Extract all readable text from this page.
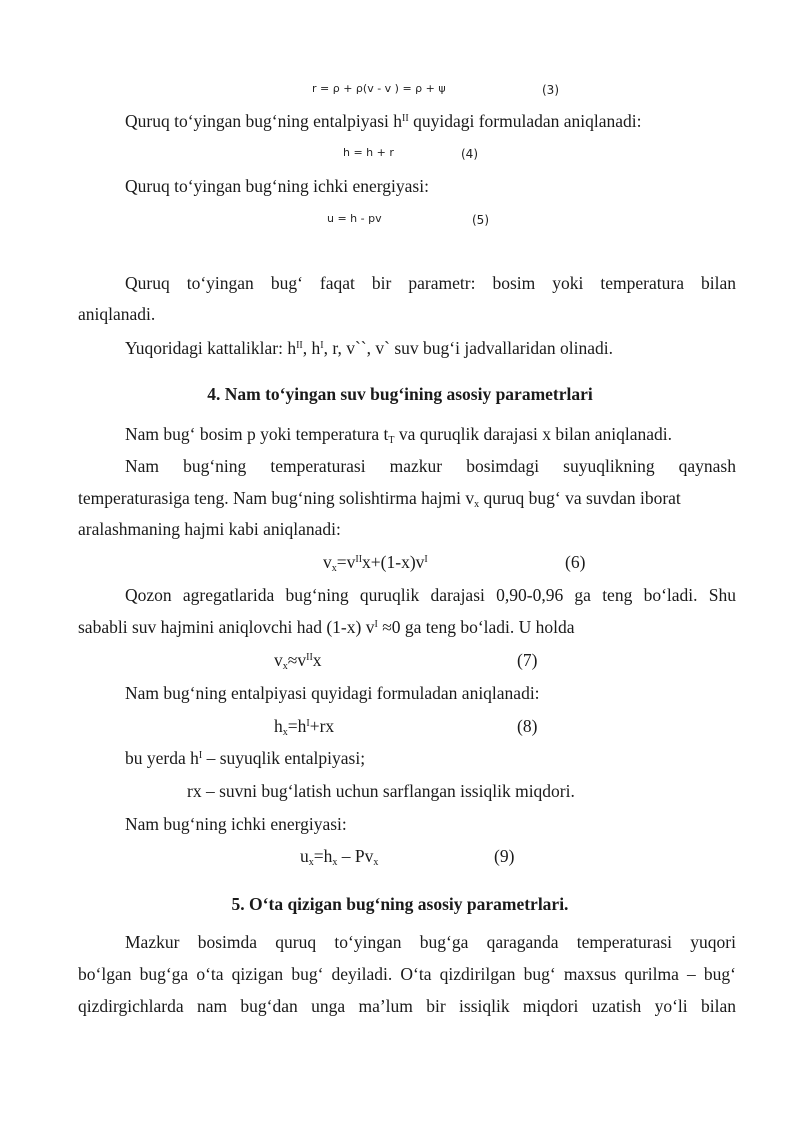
r = ρ + ρ(v - v ) = ρ + ψ	(3)
Quruq to‘yingan bug‘ning entalpiyasi $h^{II}$ quyidagi formuladan aniqlanadi:
h = h + r	(4)
Quruq to‘yingan bug‘ning ichki energiyasi:
u = h - pv	(5)
Quruq to‘yingan bug‘ faqat bir parametr: bosim yoki temperatura bilan
aniqlanadi.
Yuqoridagi kattaliklar: $h^{II}$, $h^I$, r, v``, v` suv bug‘i jadvallaridan olinadi.
4. Nam to‘yingan suv bug‘ining asosiy parametrlari
Nam bug‘ bosim p yoki temperatura $t_T$ va quruqlik darajasi x bilan aniqlanadi.
Nam bug‘ning temperaturasi mazkur bosimdagi suyuqlikning qaynash
temperaturasiga teng. Nam bug‘ning solishtirma hajmi $v_x$ quruq bug‘ va suvdan iborat
aralashmaning hajmi kabi aniqlanadi:
$v_x=v^{II}x+(1-x)v^I$	(6)
Qozon agregatlarida bug‘ning quruqlik darajasi 0,90-0,96 ga teng bo‘ladi. Shu
sababli suv hajmini aniqlovchi had (1-x) $v^I \approx 0$ ga teng bo‘ladi. U holda
$v_x\approx v^{II}x$	(7)
Nam bug‘ning entalpiyasi quyidagi formuladan aniqlanadi:
$h_x=h^I+rx$	(8)
bu yerda $h^I$ – suyuqlik entalpiyasi;
rx – suvni bug‘latish uchun sarflangan issiqlik miqdori.
Nam bug‘ning ichki energiyasi:
$u_x=h_x - Pv_x$	(9)
5. O‘ta qizigan bug‘ning asosiy parametrlari.
Mazkur bosimda quruq to‘yingan bug‘ga qaraganda temperaturasi yuqori
bo‘lgan bug‘ga o‘ta qizigan bug‘ deyiladi. O‘ta qizdirilgan bug‘ maxsus qurilma – bug‘
qizdirgichlarda nam bug‘dan unga ma’lum bir issiqlik miqdori uzatish yo‘li bilan
